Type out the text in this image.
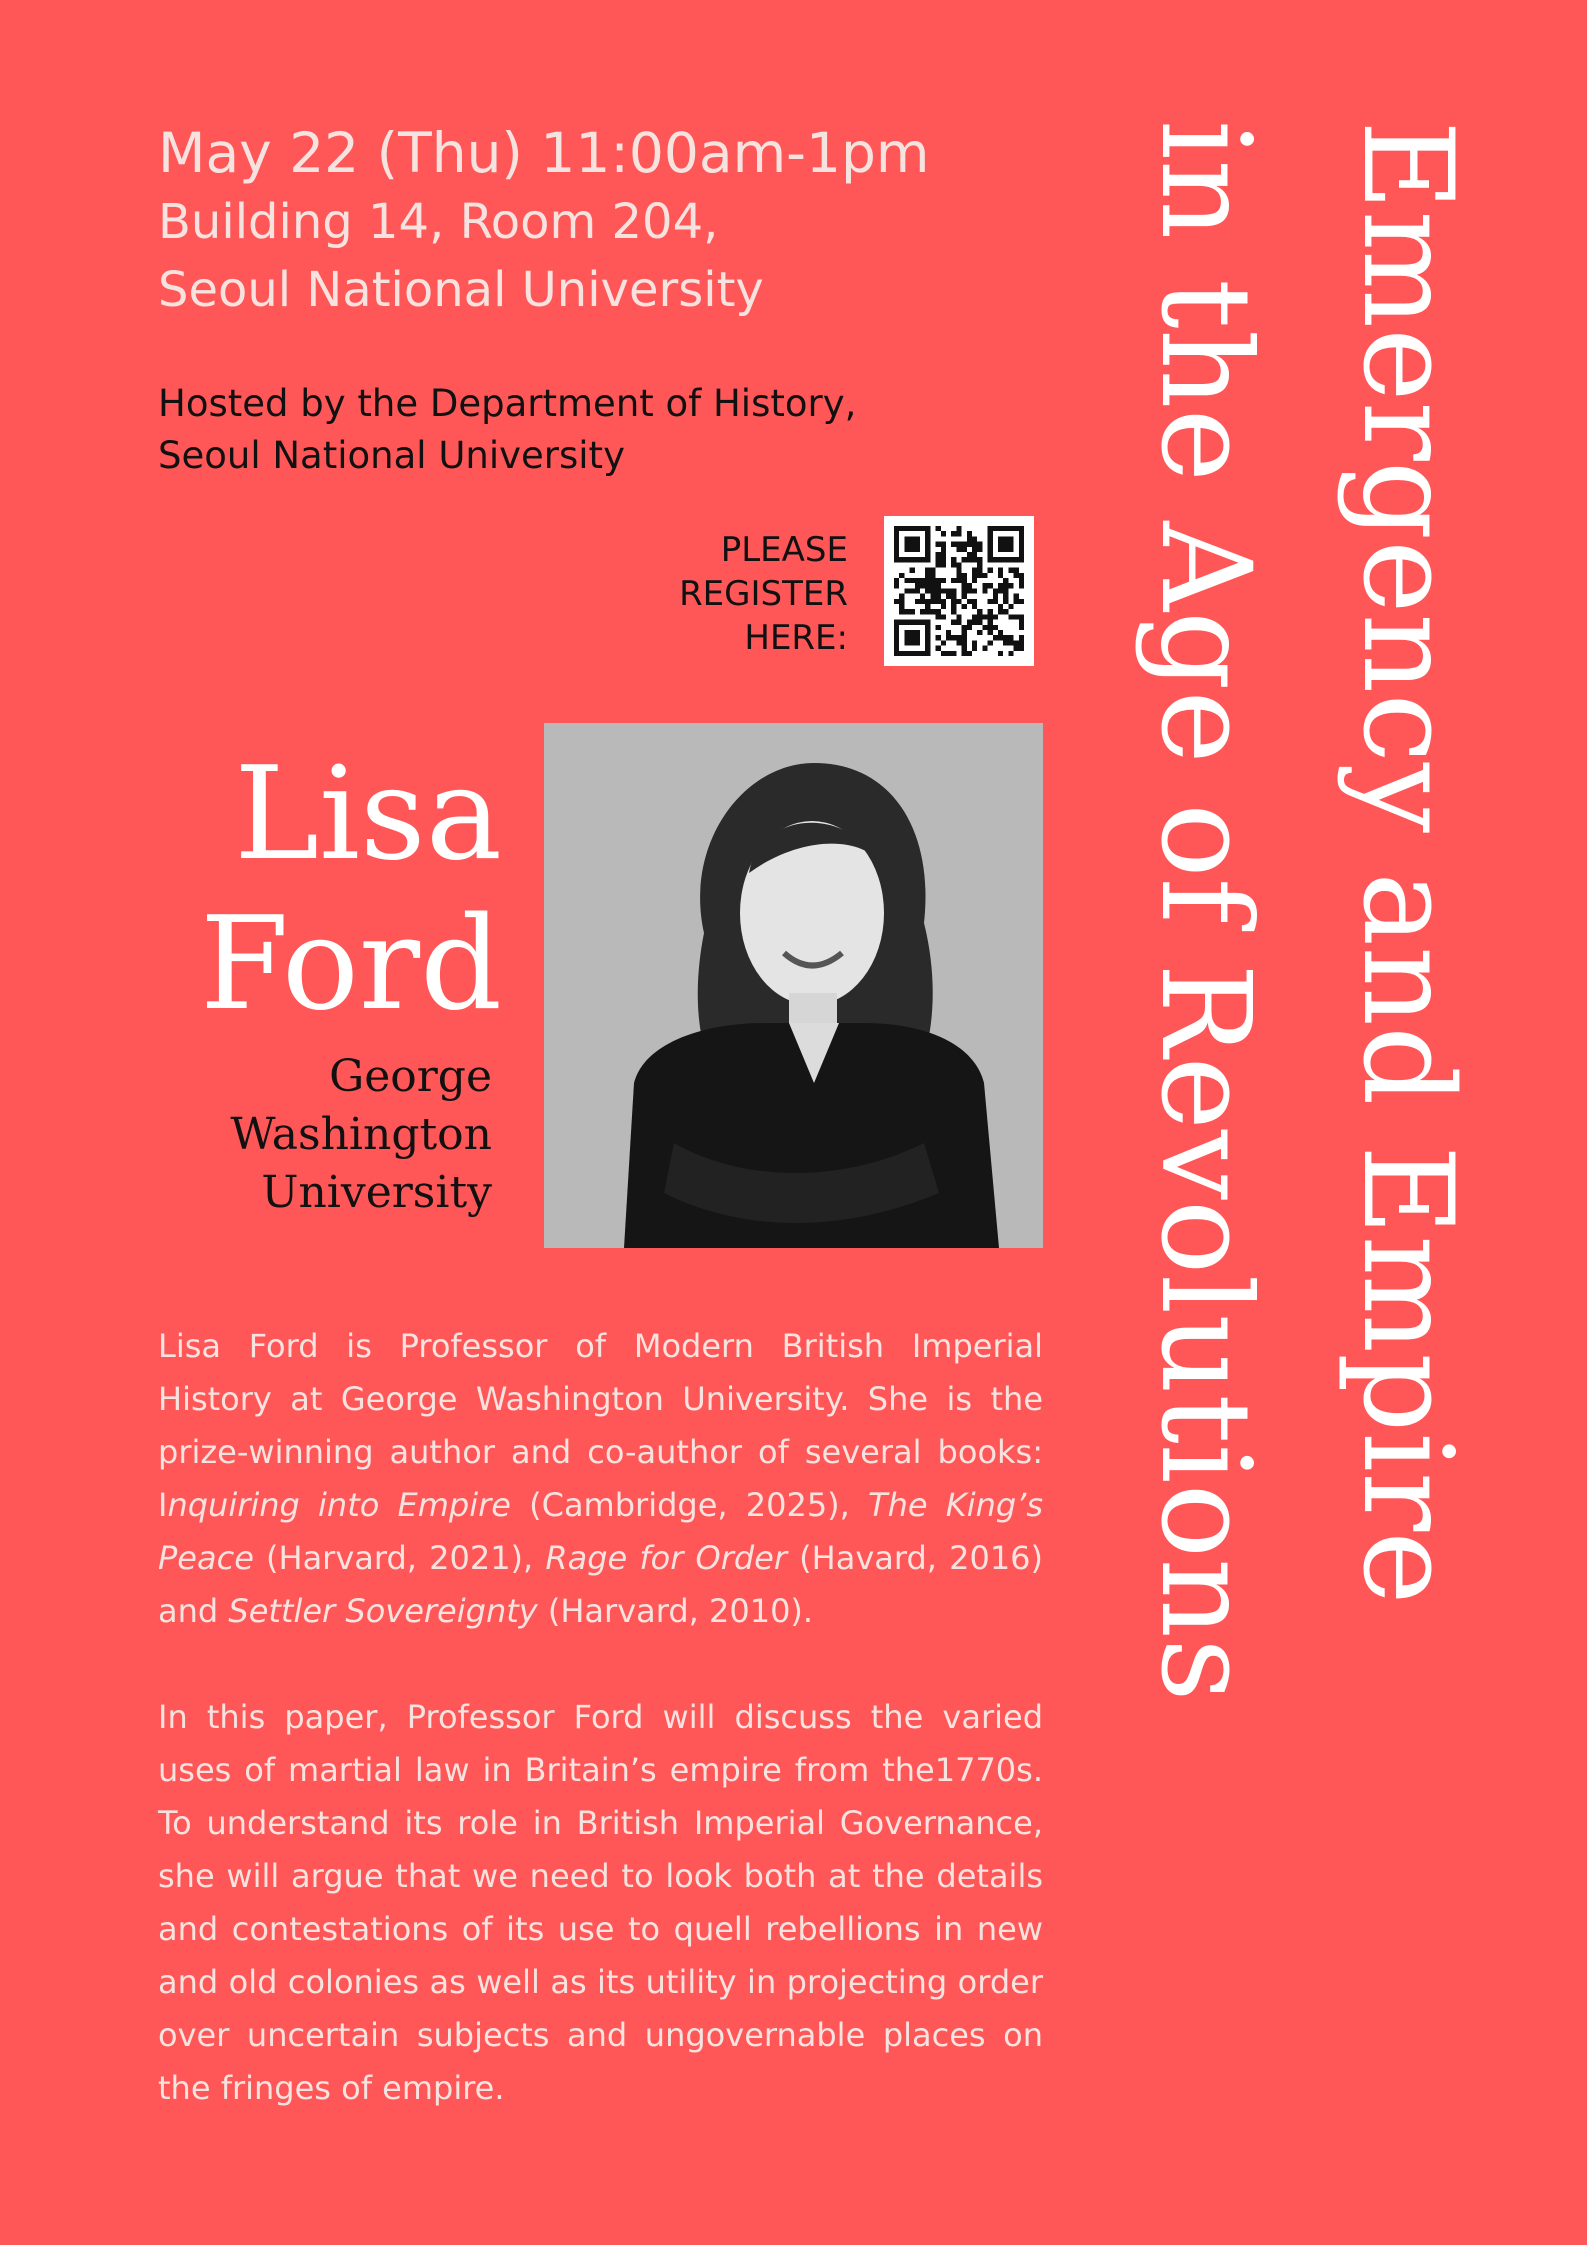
May 22 (Thu) 11:00am-1pm
Building 14, Room 204,
Seoul National University
Hosted by the Department of History,
Seoul National University
PLEASE
REGISTER
HERE:
Lisa
Ford
George
Washington
University

Lisa Ford is Professor of Modern British Imperial History at George Washington University. She is the prize-winning author and co-author of several books: Inquiring into Empire (Cambridge, 2025), The King’s Peace (Harvard, 2021), Rage for Order (Havard, 2016) and Settler Sovereignty (Harvard, 2010).

In this paper, Professor Ford will discuss the varied uses of martial law in Britain’s empire from the1770s. To understand its role in British Imperial Governance, she will argue that we need to look both at the details and contestations of its use to quell rebellions in new and old colonies as well as its utility in projecting order over uncertain subjects and ungovernable places on the fringes of empire.

Emergency and Empire
in the Age of Revolutions
